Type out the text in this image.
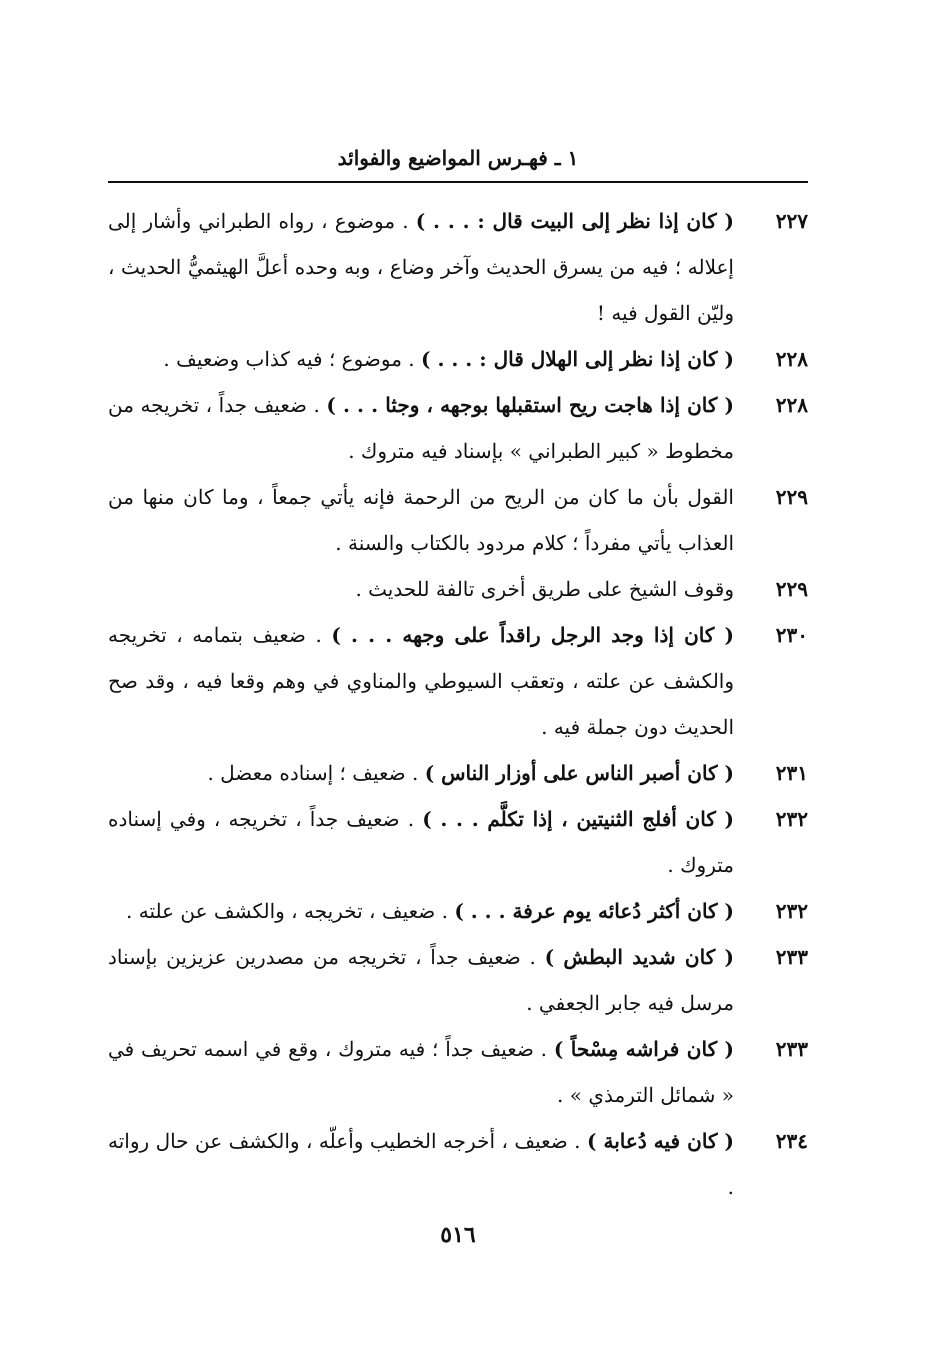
١ ـ فهـرس المواضيع والفوائد
٢٢٧
( كان إذا نظر إلى البيت قال : . . . ) . موضوع ، رواه الطبراني وأشار إلى إعلاله ؛ فيه من يسرق الحديث وآخر وضاع ، وبه وحده أعلَّ الهيثميُّ الحديث ، وليّن القول فيه !
٢٢٨
( كان إذا نظر إلى الهلال قال : . . . ) . موضوع ؛ فيه كذاب وضعيف .
٢٢٨
( كان إذا هاجت ريح استقبلها بوجهه ، وجثا . . . ) . ضعيف جداً ، تخريجه من مخطوط « كبير الطبراني » بإسناد فيه متروك .
٢٢٩
القول بأن ما كان من الريح من الرحمة فإنه يأتي جمعاً ، وما كان منها من العذاب يأتي مفرداً ؛ كلام مردود بالكتاب والسنة .
٢٢٩
وقوف الشيخ على طريق أخرى تالفة للحديث .
٢٣٠
( كان إذا وجد الرجل راقداً على وجهه . . . ) . ضعيف بتمامه ، تخريجه والكشف عن علته ، وتعقب السيوطي والمناوي في وهم وقعا فيه ، وقد صح الحديث دون جملة فيه .
٢٣١
( كان أصبر الناس على أوزار الناس ) . ضعيف ؛ إسناده معضل .
٢٣٢
( كان أفلج الثنيتين ، إذا تكلَّم . . . ) . ضعيف جداً ، تخريجه ، وفي إسناده متروك .
٢٣٢
( كان أكثر دُعائه يوم عرفة . . . ) . ضعيف ، تخريجه ، والكشف عن علته .
٢٣٣
( كان شديد البطش ) . ضعيف جداً ، تخريجه من مصدرين عزيزين بإسناد مرسل فيه جابر الجعفي .
٢٣٣
( كان فراشه مِسْحاً ) . ضعيف جداً ؛ فيه متروك ، وقع في اسمه تحريف في « شمائل الترمذي » .
٢٣٤
( كان فيه دُعابة ) . ضعيف ، أخرجه الخطيب وأعلّه ، والكشف عن حال رواته .
٥١٦
